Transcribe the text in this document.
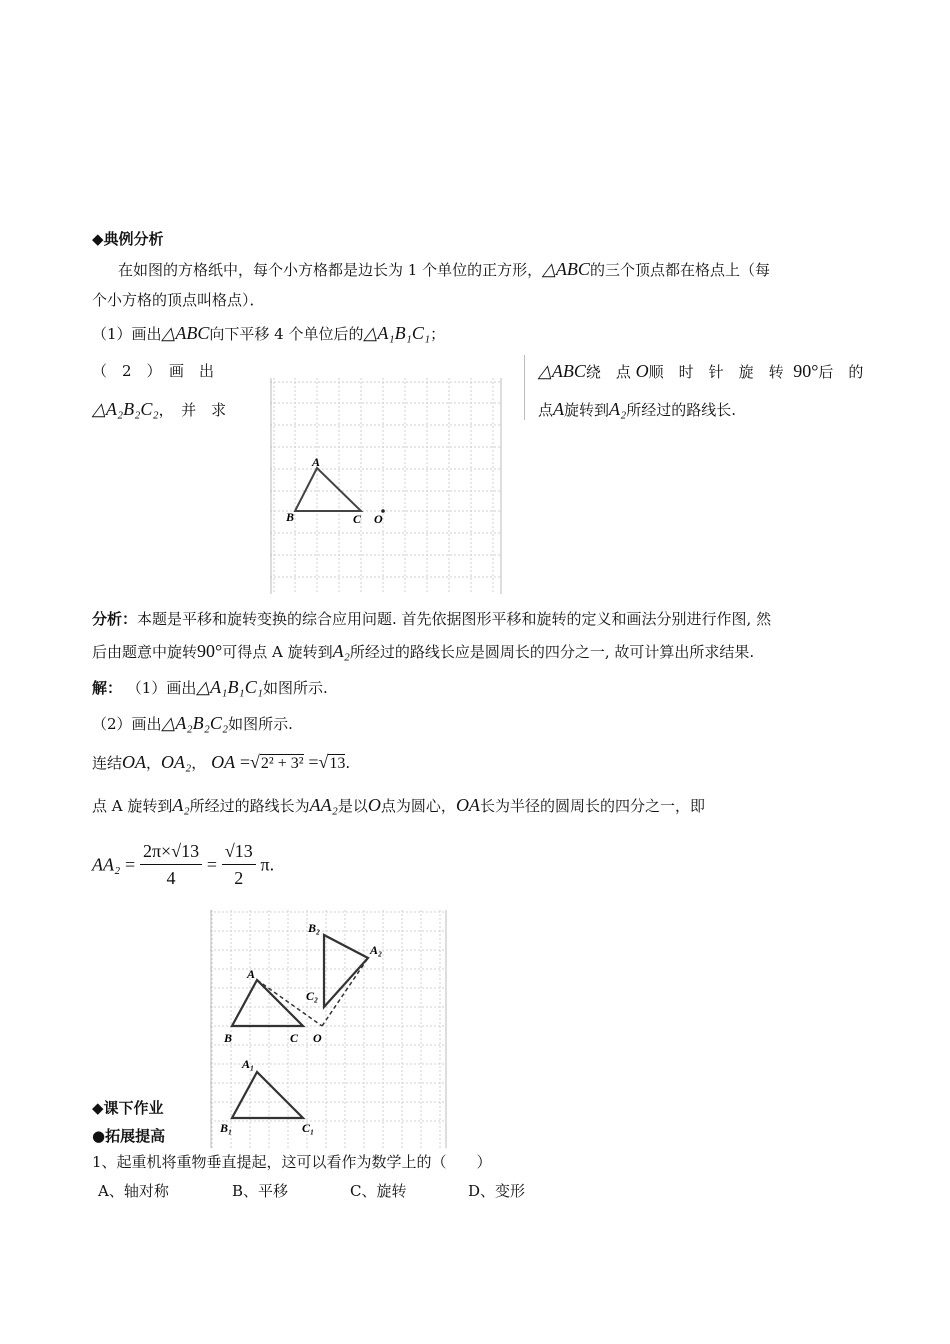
◆典例分析
在如图的方格纸中，每个小方格都是边长为 1 个单位的正方形，△ABC的三个顶点都在格点上（每
个小方格的顶点叫格点）．
（1）画出△ABC向下平移 4 个单位后的△A₁B₁C₁；
（　2　）　画　出
△A₂B₂C₂，　并　求
△ABC绕　点 O顺　时　针　旋　转 90°后　的
点A旋转到A₂所经过的路线长.
A
B	C O
分析：本题是平移和旋转变换的综合应用问题. 首先依据图形平移和旋转的定义和画法分别进行作图, 然
后由题意中旋转90°可得点 A 旋转到A₂所经过的路线长应是圆周长的四分之一, 故可计算出所求结果.
解： （1）画出△A₁B₁C₁如图所示.
（2）画出△A₂B₂C₂如图所示.
连结OA，OA₂， OA =√2² + 3² =√13.
点 A 旋转到A₂所经过的路线长为AA₂是以O点为圆心，OA长为半径的圆周长的四分之一，即
$AA_2 = \frac{2\pi\times√13}{4} = \frac{√13}{2} \pi$.
A
B	C O
A₁
B₁	C₁
B₂
C₂
A₂
◆课下作业
●拓展提高
1、起重机将重物垂直提起，这可以看作为数学上的（　　）
A、轴对称	B、平移	C、旋转	D、变形
